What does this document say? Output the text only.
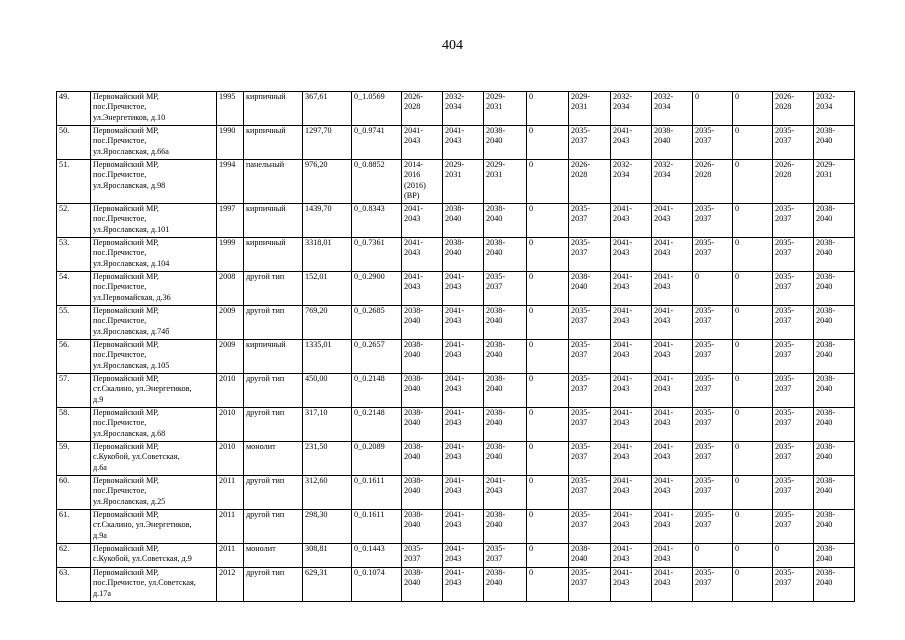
404
49.	Первомайский МР,
пос.Пречистое,
ул.Энергетиков, д.10	1995	кирпичный	367,61	0_1.0569	2026-
2028	2032-
2034	2029-
2031	0	2029-
2031	2032-
2034	2032-
2034	0	0	2026-
2028	2032-
2034
50.	Первомайский МР,
пос.Пречистое,
ул.Ярославская, д.66а	1990	кирпичный	1297,70	0_0.9741	2041-
2043	2041-
2043	2038-
2040	0	2035-
2037	2041-
2043	2038-
2040	2035-
2037	0	2035-
2037	2038-
2040
51.	Первомайский МР,
пос.Пречистое,
ул.Ярославская, д.98	1994	панельный	976,20	0_0.8852	2014-
2016
(2016)
(ВР)	2029-
2031	2029-
2031	0	2026-
2028	2032-
2034	2032-
2034	2026-
2028	0	2026-
2028	2029-
2031
52.	Первомайский МР,
пос.Пречистое,
ул.Ярославская, д.101	1997	кирпичный	1439,70	0_0.8343	2041-
2043	2038-
2040	2038-
2040	0	2035-
2037	2041-
2043	2041-
2043	2035-
2037	0	2035-
2037	2038-
2040
53.	Первомайский МР,
пос.Пречистое,
ул.Ярославская, д.104	1999	кирпичный	3318,01	0_0.7361	2041-
2043	2038-
2040	2038-
2040	0	2035-
2037	2041-
2043	2041-
2043	2035-
2037	0	2035-
2037	2038-
2040
54.	Первомайский МР,
пос.Пречистое,
ул.Первомайская, д.36	2008	другой тип	152,01	0_0.2900	2041-
2043	2041-
2043	2035-
2037	0	2038-
2040	2041-
2043	2041-
2043	0	0	2035-
2037	2038-
2040
55.	Первомайский МР,
пос.Пречистое,
ул.Ярославская, д.74б	2009	другой тип	769,20	0_0.2685	2038-
2040	2041-
2043	2038-
2040	0	2035-
2037	2041-
2043	2041-
2043	2035-
2037	0	2035-
2037	2038-
2040
56.	Первомайский МР,
пос.Пречистое,
ул.Ярославская, д.105	2009	кирпичный	1335,01	0_0.2657	2038-
2040	2041-
2043	2038-
2040	0	2035-
2037	2041-
2043	2041-
2043	2035-
2037	0	2035-
2037	2038-
2040
57.	Первомайский МР,
ст.Скалино, ул.Энергетиков,
д.9	2010	другой тип	450,00	0_0.2148	2038-
2040	2041-
2043	2038-
2040	0	2035-
2037	2041-
2043	2041-
2043	2035-
2037	0	2035-
2037	2038-
2040
58.	Первомайский МР,
пос.Пречистое,
ул.Ярославская, д.68	2010	другой тип	317,10	0_0.2148	2038-
2040	2041-
2043	2038-
2040	0	2035-
2037	2041-
2043	2041-
2043	2035-
2037	0	2035-
2037	2038-
2040
59.	Первомайский МР,
с.Кукобой, ул.Советская,
д.6а	2010	монолит	231,50	0_0.2089	2038-
2040	2041-
2043	2038-
2040	0	2035-
2037	2041-
2043	2041-
2043	2035-
2037	0	2035-
2037	2038-
2040
60.	Первомайский МР,
пос.Пречистое,
ул.Ярославская, д.25	2011	другой тип	312,60	0_0.1611	2038-
2040	2041-
2043	2041-
2043	0	2035-
2037	2041-
2043	2041-
2043	2035-
2037	0	2035-
2037	2038-
2040
61.	Первомайский МР,
ст.Скалино, ул.Энергетиков,
д.9а	2011	другой тип	298,30	0_0.1611	2038-
2040	2041-
2043	2038-
2040	0	2035-
2037	2041-
2043	2041-
2043	2035-
2037	0	2035-
2037	2038-
2040
62.	Первомайский МР,
с.Кукобой, ул.Советская, д.9	2011	монолит	308,81	0_0.1443	2035-
2037	2041-
2043	2035-
2037	0	2038-
2040	2041-
2043	2041-
2043	0	0	0	2038-
2040
63.	Первомайский МР,
пос.Пречистое, ул.Советская,
д.17а	2012	другой тип	629,31	0_0.1074	2038-
2040	2041-
2043	2038-
2040	0	2035-
2037	2041-
2043	2041-
2043	2035-
2037	0	2035-
2037	2038-
2040
